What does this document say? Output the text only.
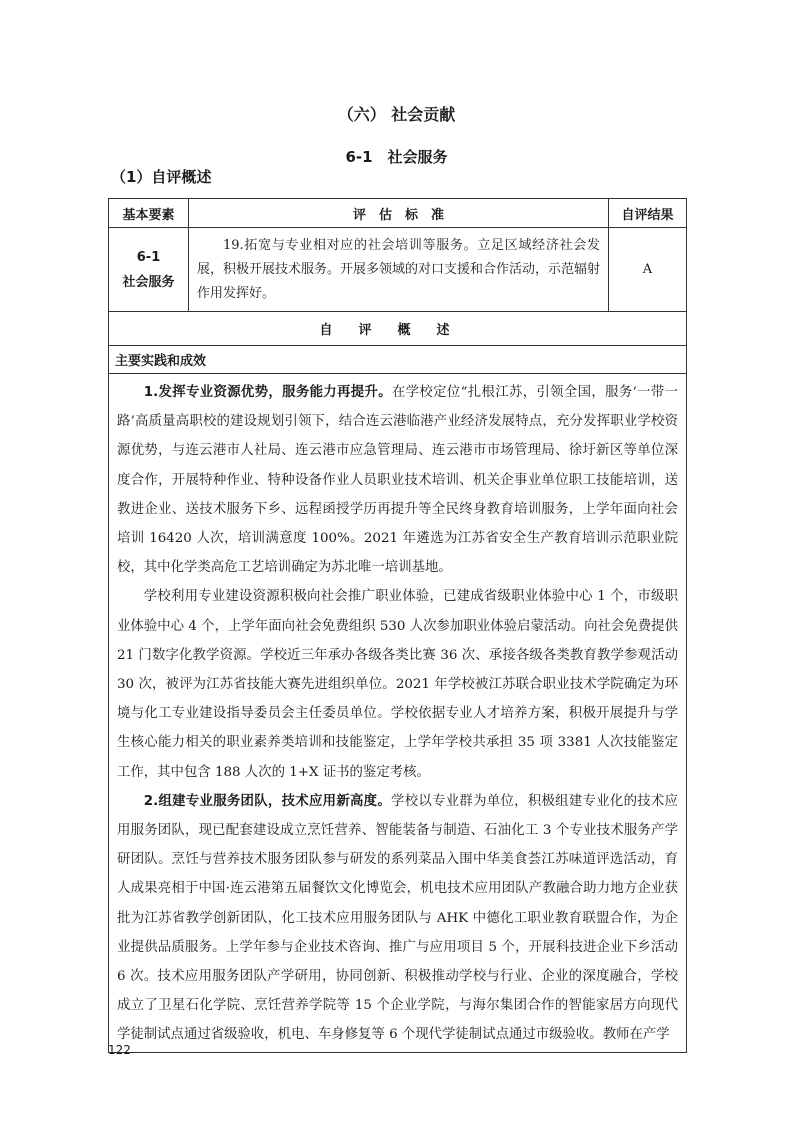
（六） 社会贡献
6-1　社会服务
（1）自评概述
基本要素	评　估　标　准	自评结果

6-1
社会服务	19.拓宽与专业相对应的社会培训等服务。立足区域经济社会发展，积极开展技术服务。开展多领域的对口支援和合作活动，示范辐射作用发挥好。	A
自评概述		
主要实践和成效		

1.发挥专业资源优势，服务能力再提升。在学校定位“扎根江苏，引领全国，服务‘一带一路’高质量高职校的建设规划引领下，结合连云港临港产业经济发展特点，充分发挥职业学校资源优势，与连云港市人社局、连云港市应急管理局、连云港市市场管理局、徐圩新区等单位深度合作，开展特种作业、特种设备作业人员职业技术培训、机关企事业单位职工技能培训，送教进企业、送技术服务下乡、远程函授学历再提升等全民终身教育培训服务，上学年面向社会培训 16420 人次，培训满意度 100%。2021 年遴选为江苏省安全生产教育培训示范职业院校，其中化学类高危工艺培训确定为苏北唯一培训基地。

学校利用专业建设资源积极向社会推广职业体验，已建成省级职业体验中心 1 个，市级职业体验中心 4 个，上学年面向社会免费组织 530 人次参加职业体验启蒙活动。向社会免费提供 21 门数字化教学资源。学校近三年承办各级各类比赛 36 次、承接各级各类教育教学参观活动 30 次，被评为江苏省技能大赛先进组织单位。2021 年学校被江苏联合职业技术学院确定为环境与化工专业建设指导委员会主任委员单位。学校依据专业人才培养方案，积极开展提升与学生核心能力相关的职业素养类培训和技能鉴定，上学年学校共承担 35 项 3381 人次技能鉴定工作，其中包含 188 人次的 1+X 证书的鉴定考核。

2.组建专业服务团队，技术应用新高度。学校以专业群为单位，积极组建专业化的技术应用服务团队，现已配套建设成立烹饪营养、智能装备与制造、石油化工 3 个专业技术服务产学研团队。烹饪与营养技术服务团队参与研发的系列菜品入围中华美食荟江苏味道评选活动，育人成果亮相于中国·连云港第五届餐饮文化博览会，机电技术应用团队产教融合助力地方企业获批为江苏省教学创新团队，化工技术应用服务团队与 AHK 中德化工职业教育联盟合作，为企业提供品质服务。上学年参与企业技术咨询、推广与应用项目 5 个，开展科技进企业下乡活动 6 次。技术应用服务团队产学研用，协同创新、积极推动学校与行业、企业的深度融合，学校成立了卫星石化学院、烹饪营养学院等 15 个企业学院，与海尔集团合作的智能家居方向现代学徒制试点通过省级验收，机电、车身修复等 6 个现代学徒制试点通过市级验收。教师在产学		

122
